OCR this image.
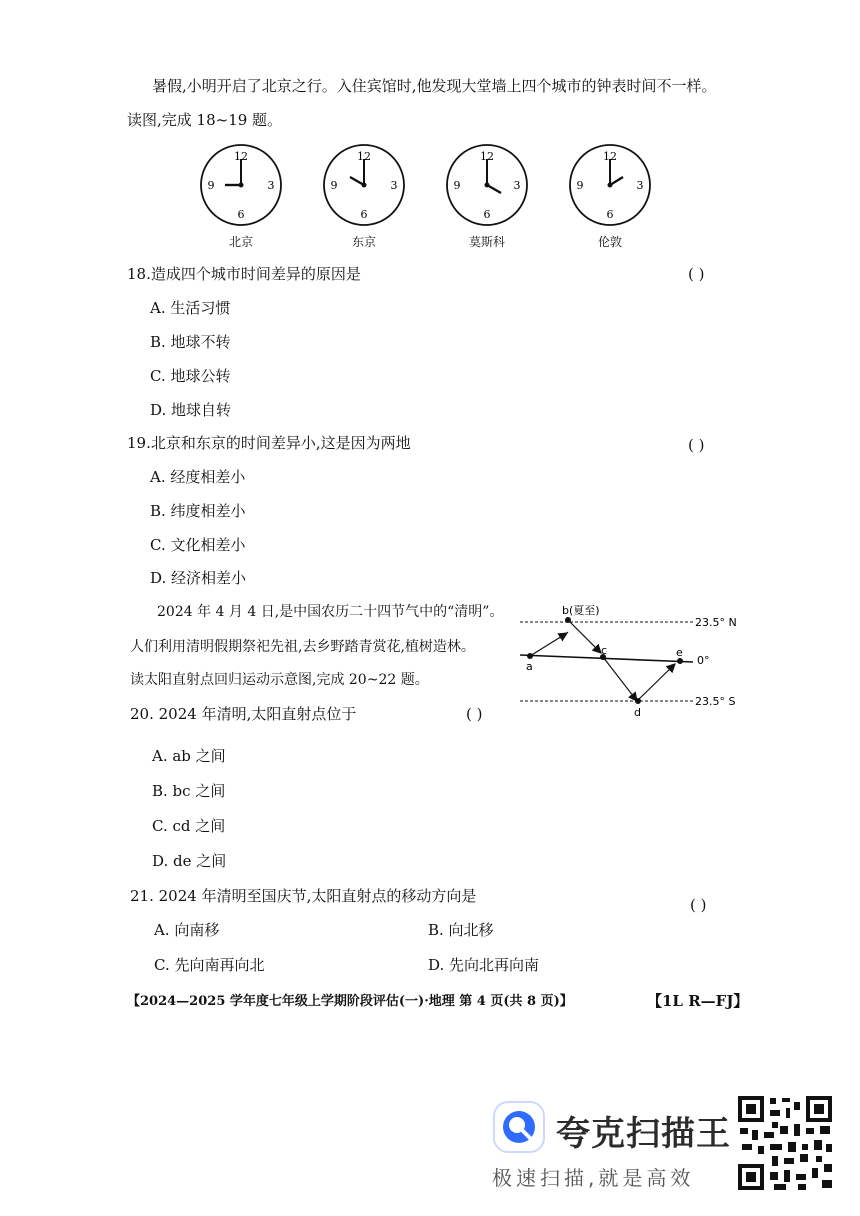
暑假,小明开启了北京之行。入住宾馆时,他发现大堂墙上四个城市的钟表时间不一样。
读图,完成 18~19 题。
12
3
6
9
12
3
6
9
12
3
6
9
12
3
6
9
北京	东京	莫斯科	伦敦
18.造成四个城市时间差异的原因是	( )
A. 生活习惯
B. 地球不转
C. 地球公转
D. 地球自转
19.北京和东京的时间差异小,这是因为两地	( )
A. 经度相差小
B. 纬度相差小
C. 文化相差小
D. 经济相差小
2024 年 4 月 4 日,是中国农历二十四节气中的“清明”。
人们利用清明假期祭祀先祖,去乡野踏青赏花,植树造林。
读太阳直射点回归运动示意图,完成 20~22 题。
b(夏至)
a
c
d
e
23.5° N
0°
23.5° S
20. 2024 年清明,太阳直射点位于	( )
A. ab 之间
B. bc 之间
C. cd 之间
D. de 之间
21. 2024 年清明至国庆节,太阳直射点的移动方向是	( )
A. 向南移	B. 向北移
C. 先向南再向北	D. 先向北再向南
【2024—2025 学年度七年级上学期阶段评估(一)·地理 第 4 页(共 8 页)】	【1L R—FJ】
夸克扫描王
极速扫描,就是高效
